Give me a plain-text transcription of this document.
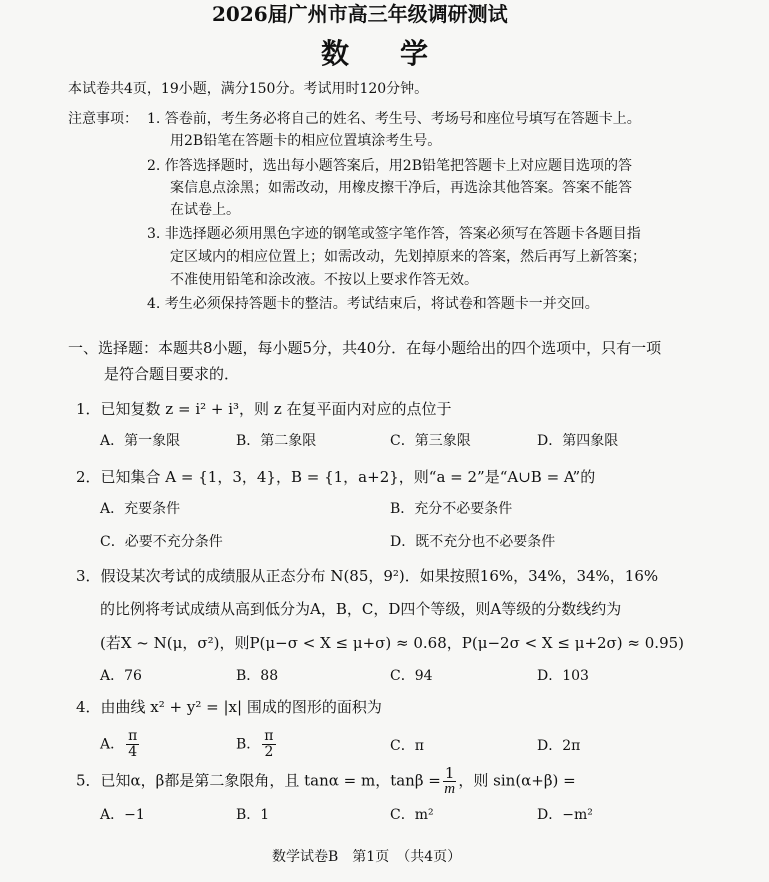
2026届广州市高三年级调研测试
数 学
本试卷共4页，19小题，满分150分。考试用时120分钟。
注意事项： 1. 答卷前，考生务必将自己的姓名、考生号、考场号和座位号填写在答题卡上。
用2B铅笔在答题卡的相应位置填涂考生号。
2. 作答选择题时，选出每小题答案后，用2B铅笔把答题卡上对应题目选项的答
案信息点涂黑；如需改动，用橡皮擦干净后，再选涂其他答案。答案不能答
在试卷上。
3. 非选择题必须用黑色字迹的钢笔或签字笔作答，答案必须写在答题卡各题目指
定区域内的相应位置上；如需改动，先划掉原来的答案，然后再写上新答案；
不准使用铅笔和涂改液。不按以上要求作答无效。
4. 考生必须保持答题卡的整洁。考试结束后，将试卷和答题卡一并交回。
一、选择题：本题共8小题，每小题5分，共40分．在每小题给出的四个选项中，只有一项
是符合题目要求的．
1．已知复数 z = i² + i³，则 z 在复平面内对应的点位于
A．第一象限	B．第二象限	C．第三象限	D．第四象限
2．已知集合 A = {1，3，4}，B = {1，a+2}，则“a = 2”是“A∪B = A”的
A．充要条件	B．充分不必要条件
C．必要不充分条件	D．既不充分也不必要条件
3．假设某次考试的成绩服从正态分布 N(85，9²)．如果按照16%，34%，34%，16%
的比例将考试成绩从高到低分为A，B，C，D四个等级，则A等级的分数线约为
(若X ~ N(μ，σ²)，则P(μ−σ < X ≤ μ+σ) ≈ 0.68，P(μ−2σ < X ≤ μ+2σ) ≈ 0.95)
A．76	B．88	C．94	D．103
4．由曲线 x² + y² = |x| 围成的图形的面积为
A． $\frac{\pi}{4}$	B． $\frac{\pi}{2}$	C．π	D．2π
5．已知α，β都是第二象限角，且 tanα = m，$\tan\beta = \frac{1}{m}$ ，则 sin(α+β) =
A．−1	B．1	C．m²	D．−m²
数学试卷B　第1页　（共4页）
